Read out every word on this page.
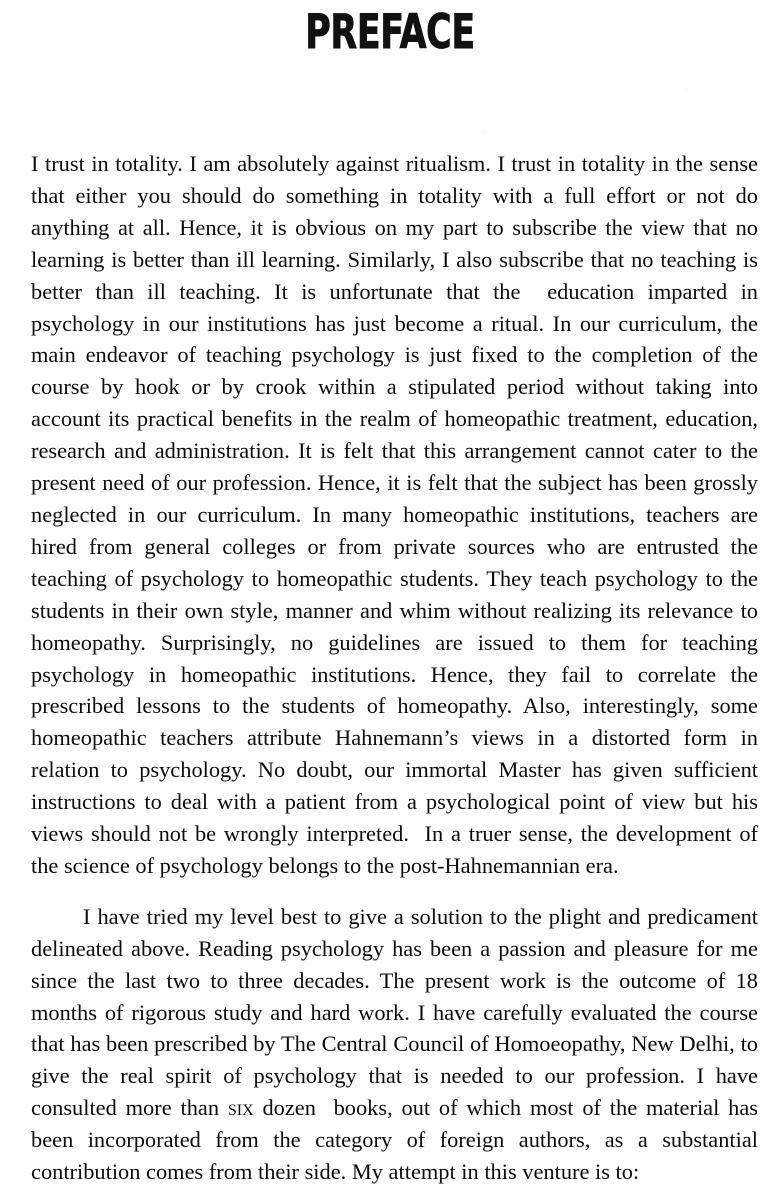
PREFACE

I trust in totality. I am absolutely against ritualism. I trust in totality in the sense that either you should do something in totality with a full effort or not do anything at all. Hence, it is obvious on my part to subscribe the view that no learning is better than ill learning. Similarly, I also subscribe that no teaching is better than ill teaching. It is unfortunate that the  education imparted in psychology in our institutions has just become a ritual. In our curriculum, the main endeavor of teaching psychology is just fixed to the completion of the course by hook or by crook within a stipulated period without taking into account its practical benefits in the realm of homeopathic treatment, education, research and administration. It is felt that this arrangement cannot cater to the present need of our profession. Hence, it is felt that the subject has been grossly neglected in our curriculum. In many homeopathic institutions, teachers are hired from general colleges or from private sources who are entrusted the teaching of psychology to homeopathic students. They teach psychology to the students in their own style, manner and whim without realizing its relevance to homeopathy. Surprisingly, no guidelines are issued to them for teaching psychology in homeopathic institutions. Hence, they fail to correlate the prescribed lessons to the students of homeopathy. Also, interestingly, some homeopathic teachers attribute Hahnemann’s views in a distorted form in relation to psychology. No doubt, our immortal Master has given sufficient instructions to deal with a patient from a psychological point of view but his views should not be wrongly interpreted.  In a truer sense, the development of the science of psychology belongs to the post-Hahnemannian era.

I have tried my level best to give a solution to the plight and predicament delineated above. Reading psychology has been a passion and pleasure for me since the last two to three decades. The present work is the outcome of 18 months of rigorous study and hard work. I have carefully evaluated the course  that has been prescribed by The Central Council of Homoeopathy, New Delhi, to give the real spirit of psychology that is needed to our profession. I have consulted more than six dozen  books, out of which most of the material has been incorporated from the category of foreign authors, as a substantial contribution comes from their side. My attempt in this venture is to:
